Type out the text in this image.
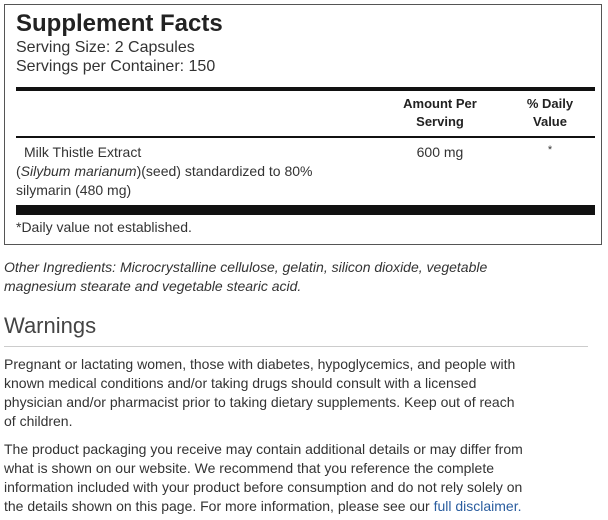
Supplement Facts
Serving Size: 2 Capsules
Servings per Container: 150
Amount Per
Serving
% Daily
Value
Milk Thistle Extract
(Silybum marianum)(seed) standardized to 80%
silymarin (480 mg)
600 mg	*
*Daily value not established.
Other Ingredients: Microcrystalline cellulose, gelatin, silicon dioxide, vegetable
magnesium stearate and vegetable stearic acid.
Warnings
Pregnant or lactating women, those with diabetes, hypoglycemics, and people with
known medical conditions and/or taking drugs should consult with a licensed
physician and/or pharmacist prior to taking dietary supplements. Keep out of reach
of children.
The product packaging you receive may contain additional details or may differ from
what is shown on our website. We recommend that you reference the complete
information included with your product before consumption and do not rely solely on
the details shown on this page. For more information, please see our full disclaimer.
